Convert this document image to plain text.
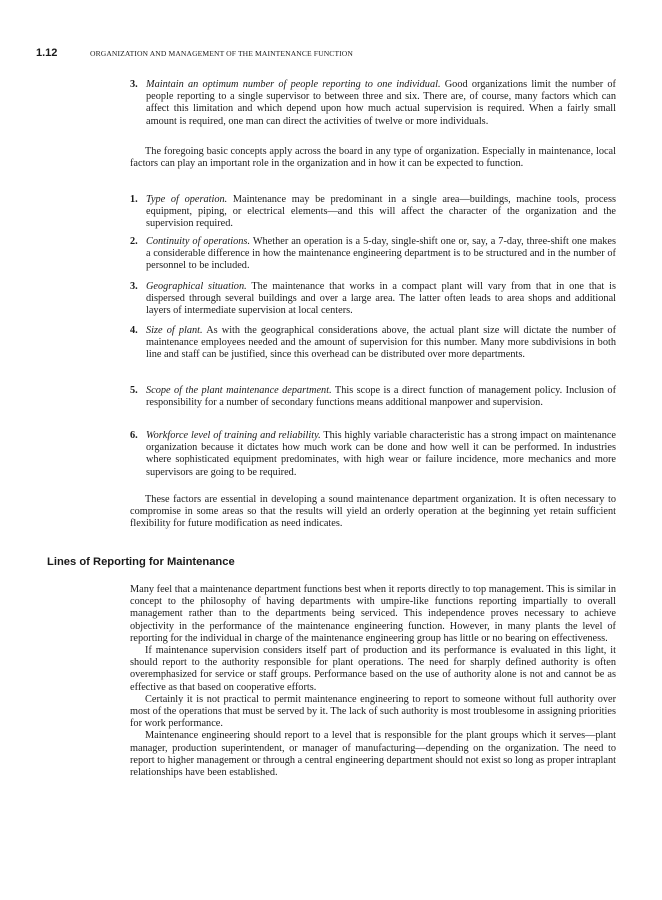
1.12	ORGANIZATION AND MANAGEMENT OF THE MAINTENANCE FUNCTION
3. Maintain an optimum number of people reporting to one individual. Good organizations limit the number of people reporting to a single supervisor to between three and six. There are, of course, many factors which can affect this limitation and which depend upon how much actual supervision is required. When a fairly small amount is required, one man can direct the activities of twelve or more individuals.

The foregoing basic concepts apply across the board in any type of organization. Especially in maintenance, local factors can play an important role in the organization and in how it can be expected to function.

1. Type of operation. Maintenance may be predominant in a single area—buildings, machine tools, process equipment, piping, or electrical elements—and this will affect the character of the organization and the supervision required.
2. Continuity of operations. Whether an operation is a 5-day, single-shift one or, say, a 7-day, three-shift one makes a considerable difference in how the maintenance engineering department is to be structured and in the number of personnel to be included.
3. Geographical situation. The maintenance that works in a compact plant will vary from that in one that is dispersed through several buildings and over a large area. The latter often leads to area shops and additional layers of intermediate supervision at local centers.
4. Size of plant. As with the geographical considerations above, the actual plant size will dictate the number of maintenance employees needed and the amount of supervision for this number. Many more subdivisions in both line and staff can be justified, since this overhead can be distributed over more departments.
5. Scope of the plant maintenance department. This scope is a direct function of management policy. Inclusion of responsibility for a number of secondary functions means additional manpower and supervision.
6. Workforce level of training and reliability. This highly variable characteristic has a strong impact on maintenance organization because it dictates how much work can be done and how well it can be performed. In industries where sophisticated equipment predominates, with high wear or failure incidence, more mechanics and more supervisors are going to be required.

These factors are essential in developing a sound maintenance department organization. It is often necessary to compromise in some areas so that the results will yield an orderly operation at the beginning yet retain sufficient flexibility for future modification as need indicates.

Lines of Reporting for Maintenance

Many feel that a maintenance department functions best when it reports directly to top management. This is similar in concept to the philosophy of having departments with umpire-like functions reporting impartially to overall management rather than to the departments being serviced. This independence proves necessary to achieve objectivity in the performance of the maintenance engineering function. However, in many plants the level of reporting for the individual in charge of the maintenance engineering group has little or no bearing on effectiveness.

If maintenance supervision considers itself part of production and its performance is evaluated in this light, it should report to the authority responsible for plant operations. The need for sharply defined authority is often overemphasized for service or staff groups. Performance based on the use of authority alone is not and cannot be as effective as that based on cooperative efforts.

Certainly it is not practical to permit maintenance engineering to report to someone without full authority over most of the operations that must be served by it. The lack of such authority is most troublesome in assigning priorities for work performance.

Maintenance engineering should report to a level that is responsible for the plant groups which it serves—plant manager, production superintendent, or manager of manufacturing—depending on the organization. The need to report to higher management or through a central engineering department should not exist so long as proper intraplant relationships have been established.
